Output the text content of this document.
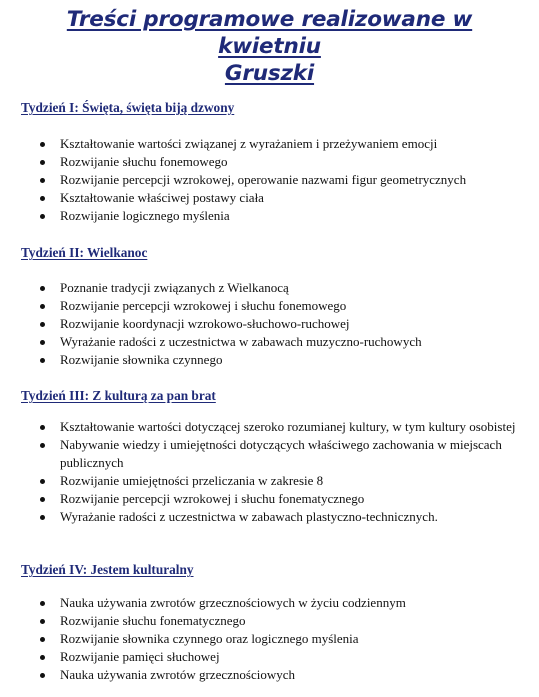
Treści programowe realizowane w kwietniu
Gruszki
Tydzień I: Święta, święta biją dzwony
Kształtowanie wartości związanej z wyrażaniem i przeżywaniem emocji
Rozwijanie słuchu fonemowego
Rozwijanie percepcji wzrokowej, operowanie nazwami figur geometrycznych
Kształtowanie właściwej postawy ciała
Rozwijanie logicznego myślenia
Tydzień II: Wielkanoc
Poznanie tradycji związanych z Wielkanocą
Rozwijanie percepcji wzrokowej i słuchu fonemowego
Rozwijanie koordynacji wzrokowo-słuchowo-ruchowej
Wyrażanie radości z uczestnictwa w zabawach muzyczno-ruchowych
Rozwijanie słownika czynnego
Tydzień III: Z kulturą za pan brat
Kształtowanie wartości dotyczącej szeroko rozumianej kultury, w tym kultury osobistej
Nabywanie wiedzy i umiejętności dotyczących właściwego zachowania w miejscach publicznych
Rozwijanie umiejętności przeliczania w zakresie 8
Rozwijanie percepcji wzrokowej i słuchu fonematycznego
Wyrażanie radości z uczestnictwa w zabawach plastyczno-technicznych.
Tydzień IV: Jestem kulturalny
Nauka używania zwrotów grzecznościowych w życiu codziennym
Rozwijanie słuchu fonematycznego
Rozwijanie słownika czynnego oraz logicznego myślenia
Rozwijanie pamięci słuchowej
Nauka używania zwrotów grzecznościowych
